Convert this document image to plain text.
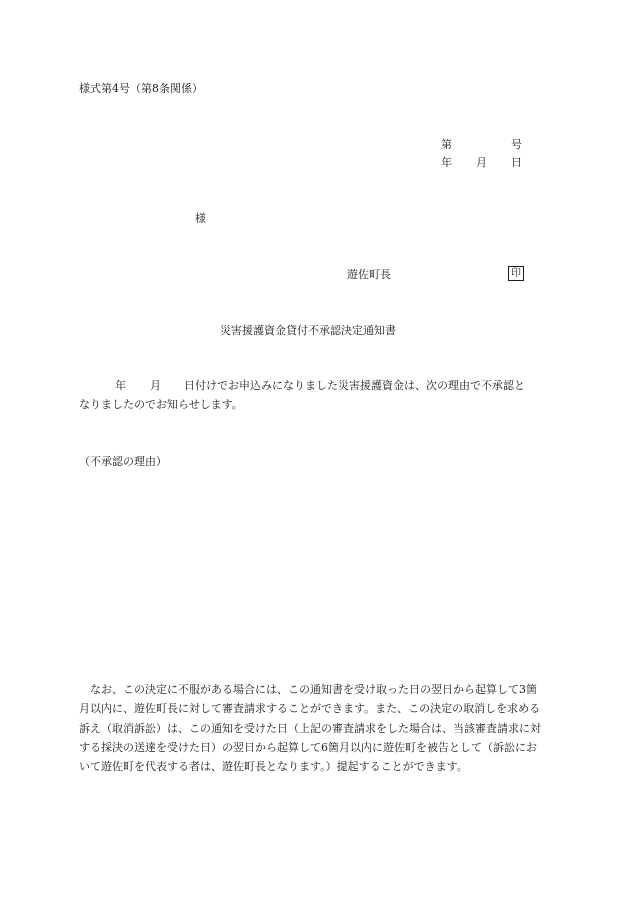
様式第4号（第8条関係）
第	号
年 月 日
様
遊佐町長	印
災害援護資金貸付不承認決定通知書
年 月 日付けでお申込みになりました災害援護資金は、次の理由で不承認と
なりましたのでお知らせします。
（不承認の理由）
　なお、この決定に不服がある場合には、この通知書を受け取った日の翌日から起算して3箇月以内に、遊佐町長に対して審査請求することができます。また、この決定の取消しを求める訴え（取消訴訟）は、この通知を受けた日（上記の審査請求をした場合は、当該審査請求に対する採決の送達を受けた日）の翌日から起算して6箇月以内に遊佐町を被告として（訴訟において遊佐町を代表する者は、遊佐町長となります。）提起することができます。
